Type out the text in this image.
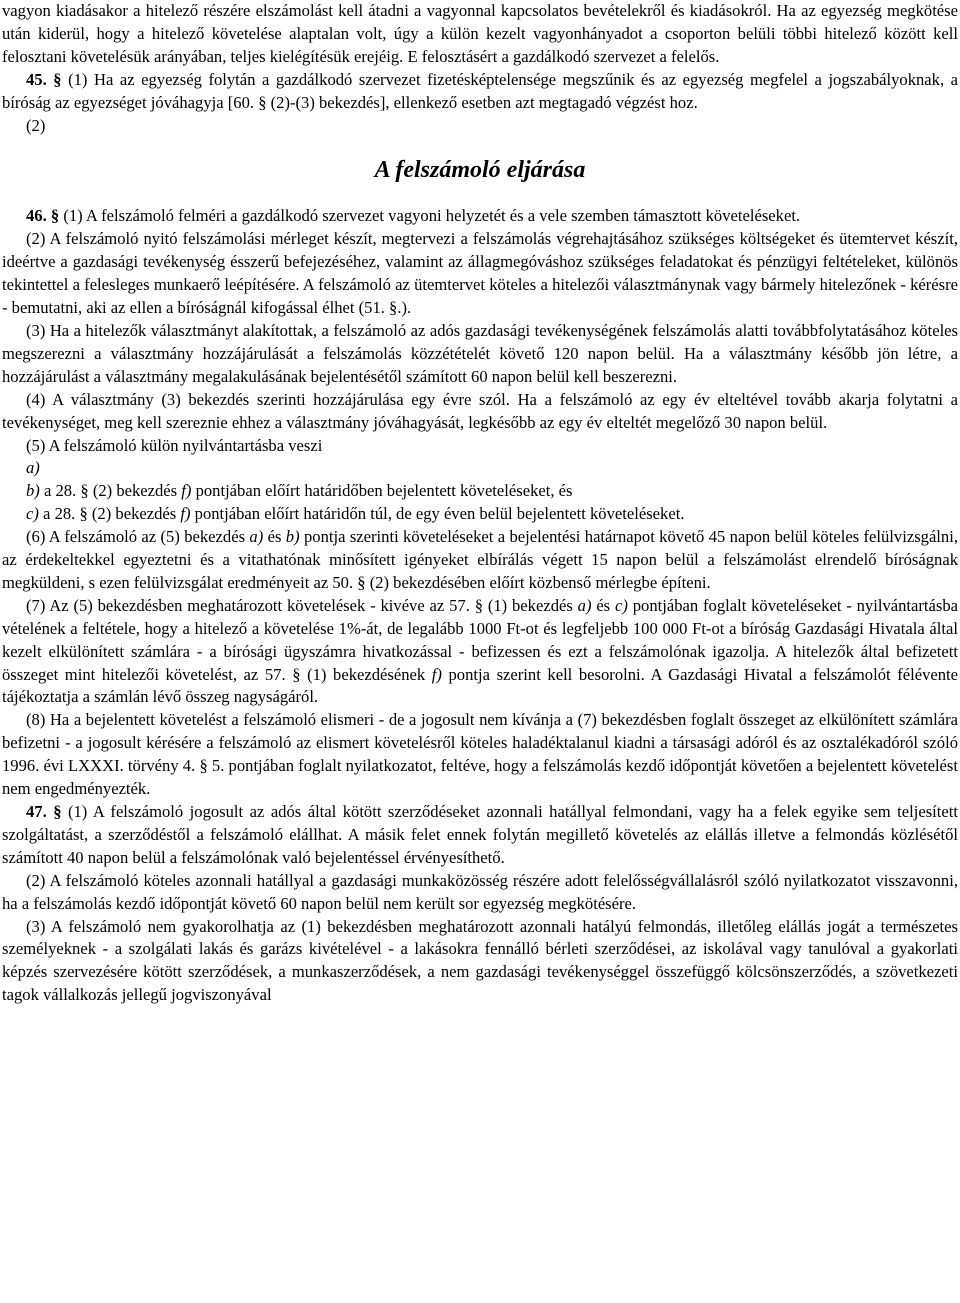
vagyon kiadásakor a hitelező részére elszámolást kell átadni a vagyonnal kapcsolatos bevételekről és kiadásokról. Ha az egyezség megkötése után kiderül, hogy a hitelező követelése alaptalan volt, úgy a külön kezelt vagyonhányadot a csoporton belüli többi hitelező között kell felosztani követelésük arányában, teljes kielégítésük erejéig. E felosztásért a gazdálkodó szervezet a felelős.

45. § (1) Ha az egyezség folytán a gazdálkodó szervezet fizetésképtelensége megszűnik és az egyezség megfelel a jogszabályoknak, a bíróság az egyezséget jóváhagyja [60. § (2)-(3) bekezdés], ellenkező esetben azt megtagadó végzést hoz.

(2)

A felszámoló eljárása

46. § (1) A felszámoló felméri a gazdálkodó szervezet vagyoni helyzetét és a vele szemben támasztott követeléseket.

(2) A felszámoló nyitó felszámolási mérleget készít, megtervezi a felszámolás végrehajtásához szükséges költségeket és ütemtervet készít, ideértve a gazdasági tevékenység ésszerű befejezéséhez, valamint az állagmegóváshoz szükséges feladatokat és pénzügyi feltételeket, különös tekintettel a felesleges munkaerő leépítésére. A felszámoló az ütemtervet köteles a hitelezői választmánynak vagy bármely hitelezőnek - kérésre - bemutatni, aki az ellen a bíróságnál kifogással élhet (51. §.).

(3) Ha a hitelezők választmányt alakítottak, a felszámoló az adós gazdasági tevékenységének felszámolás alatti továbbfolytatásához köteles megszerezni a választmány hozzájárulását a felszámolás közzétételét követő 120 napon belül. Ha a választmány később jön létre, a hozzájárulást a választmány megalakulásának bejelentésétől számított 60 napon belül kell beszerezni.

(4) A választmány (3) bekezdés szerinti hozzájárulása egy évre szól. Ha a felszámoló az egy év elteltével tovább akarja folytatni a tevékenységet, meg kell szereznie ehhez a választmány jóváhagyását, legkésőbb az egy év elteltét megelőző 30 napon belül.

(5) A felszámoló külön nyilvántartásba veszi

a)

b) a 28. § (2) bekezdés f) pontjában előírt határidőben bejelentett követeléseket, és

c) a 28. § (2) bekezdés f) pontjában előírt határidőn túl, de egy éven belül bejelentett követeléseket.

(6) A felszámoló az (5) bekezdés a) és b) pontja szerinti követeléseket a bejelentési határnapot követő 45 napon belül köteles felülvizsgálni, az érdekeltekkel egyeztetni és a vitathatónak minősített igényeket elbírálás végett 15 napon belül a felszámolást elrendelő bíróságnak megküldeni, s ezen felülvizsgálat eredményeit az 50. § (2) bekezdésében előírt közbenső mérlegbe építeni.

(7) Az (5) bekezdésben meghatározott követelések - kivéve az 57. § (1) bekezdés a) és c) pontjában foglalt követeléseket - nyilvántartásba vételének a feltétele, hogy a hitelező a követelése 1%-át, de legalább 1000 Ft-ot és legfeljebb 100 000 Ft-ot a bíróság Gazdasági Hivatala által kezelt elkülönített számlára - a bírósági ügyszámra hivatkozással - befizessen és ezt a felszámolónak igazolja. A hitelezők által befizetett összeget mint hitelezői követelést, az 57. § (1) bekezdésének f) pontja szerint kell besorolni. A Gazdasági Hivatal a felszámolót félévente tájékoztatja a számlán lévő összeg nagyságáról.

(8) Ha a bejelentett követelést a felszámoló elismeri - de a jogosult nem kívánja a (7) bekezdésben foglalt összeget az elkülönített számlára befizetni - a jogosult kérésére a felszámoló az elismert követelésről köteles haladéktalanul kiadni a társasági adóról és az osztalékadóról szóló 1996. évi LXXXI. törvény 4. § 5. pontjában foglalt nyilatkozatot, feltéve, hogy a felszámolás kezdő időpontját követően a bejelentett követelést nem engedményezték.

47. § (1) A felszámoló jogosult az adós által kötött szerződéseket azonnali hatállyal felmondani, vagy ha a felek egyike sem teljesített szolgáltatást, a szerződéstől a felszámoló elállhat. A másik felet ennek folytán megillető követelés az elállás illetve a felmondás közlésétől számított 40 napon belül a felszámolónak való bejelentéssel érvényesíthető.

(2) A felszámoló köteles azonnali hatállyal a gazdasági munkaközösség részére adott felelősségvállalásról szóló nyilatkozatot visszavonni, ha a felszámolás kezdő időpontját követő 60 napon belül nem került sor egyezség megkötésére.

(3) A felszámoló nem gyakorolhatja az (1) bekezdésben meghatározott azonnali hatályú felmondás, illetőleg elállás jogát a természetes személyeknek - a szolgálati lakás és garázs kivételével - a lakásokra fennálló bérleti szerződései, az iskolával vagy tanulóval a gyakorlati képzés szervezésére kötött szerződések, a munkaszerződések, a nem gazdasági tevékenységgel összefüggő kölcsönszerződés, a szövetkezeti tagok vállalkozás jellegű jogviszonyával
